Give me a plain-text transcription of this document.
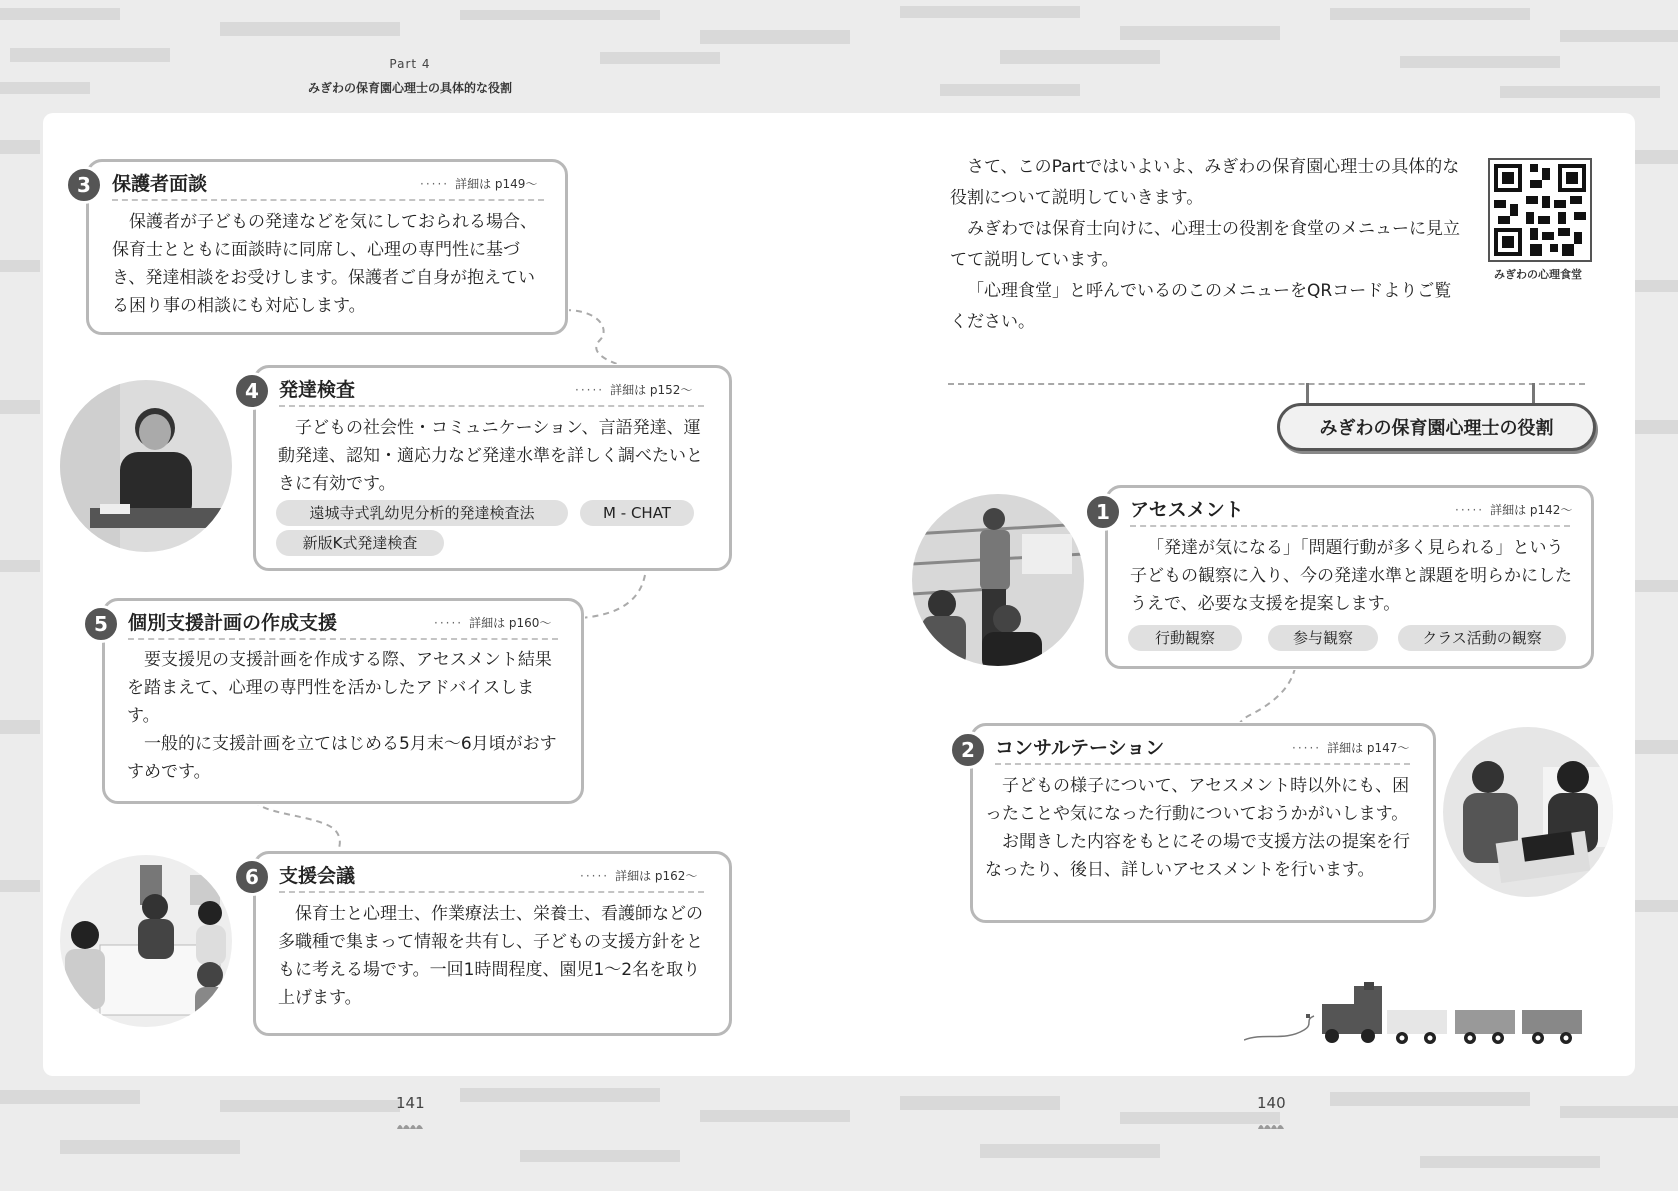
Part 4
みぎわの保育園心理士の具体的な役割

さて、このPartではいよいよ、みぎわの保育園心理士の具体的な役割について説明していきます。

みぎわでは保育士向けに、心理士の役割を食堂のメニューに見立てて説明しています。

「心理食堂」と呼んでいるのこのメニューをQRコードよりご覧ください。

みぎわの心理食堂
みぎわの保育園心理士の役割
1	アセスメント	····· 詳細は p142〜

「発達が気になる」「問題行動が多く見られる」という子どもの観察に入り、今の発達水準と課題を明らかにしたうえで、必要な支援を提案します。

行動観察	参与観察	クラス活動の観察
2	コンサルテーション	····· 詳細は p147〜

子どもの様子について、アセスメント時以外にも、困ったことや気になった行動についておうかがいします。

お聞きした内容をもとにその場で支援方法の提案を行なったり、後日、詳しいアセスメントを行います。

3	保護者面談	····· 詳細は p149〜

保護者が子どもの発達などを気にしておられる場合、保育士とともに面談時に同席し、心理の専門性に基づき、発達相談をお受けします。保護者ご自身が抱えている困り事の相談にも対応します。

4	発達検査	····· 詳細は p152〜

子どもの社会性・コミュニケーション、言語発達、運動発達、認知・適応力など発達水準を詳しく調べたいときに有効です。

遠城寺式乳幼児分析的発達検査法	M - CHAT
新版K式発達検査
5	個別支援計画の作成支援	····· 詳細は p160〜

要支援児の支援計画を作成する際、アセスメント結果を踏まえて、心理の専門性を活かしたアドバイスします。

一般的に支援計画を立てはじめる5月末〜6月頃がおすすめです。

6	支援会議	····· 詳細は p162〜

保育士と心理士、作業療法士、栄養士、看護師などの多職種で集まって情報を共有し、子どもの支援方針をともに考える場です。一回1時間程度、園児1〜2名を取り上げます。

141	140
